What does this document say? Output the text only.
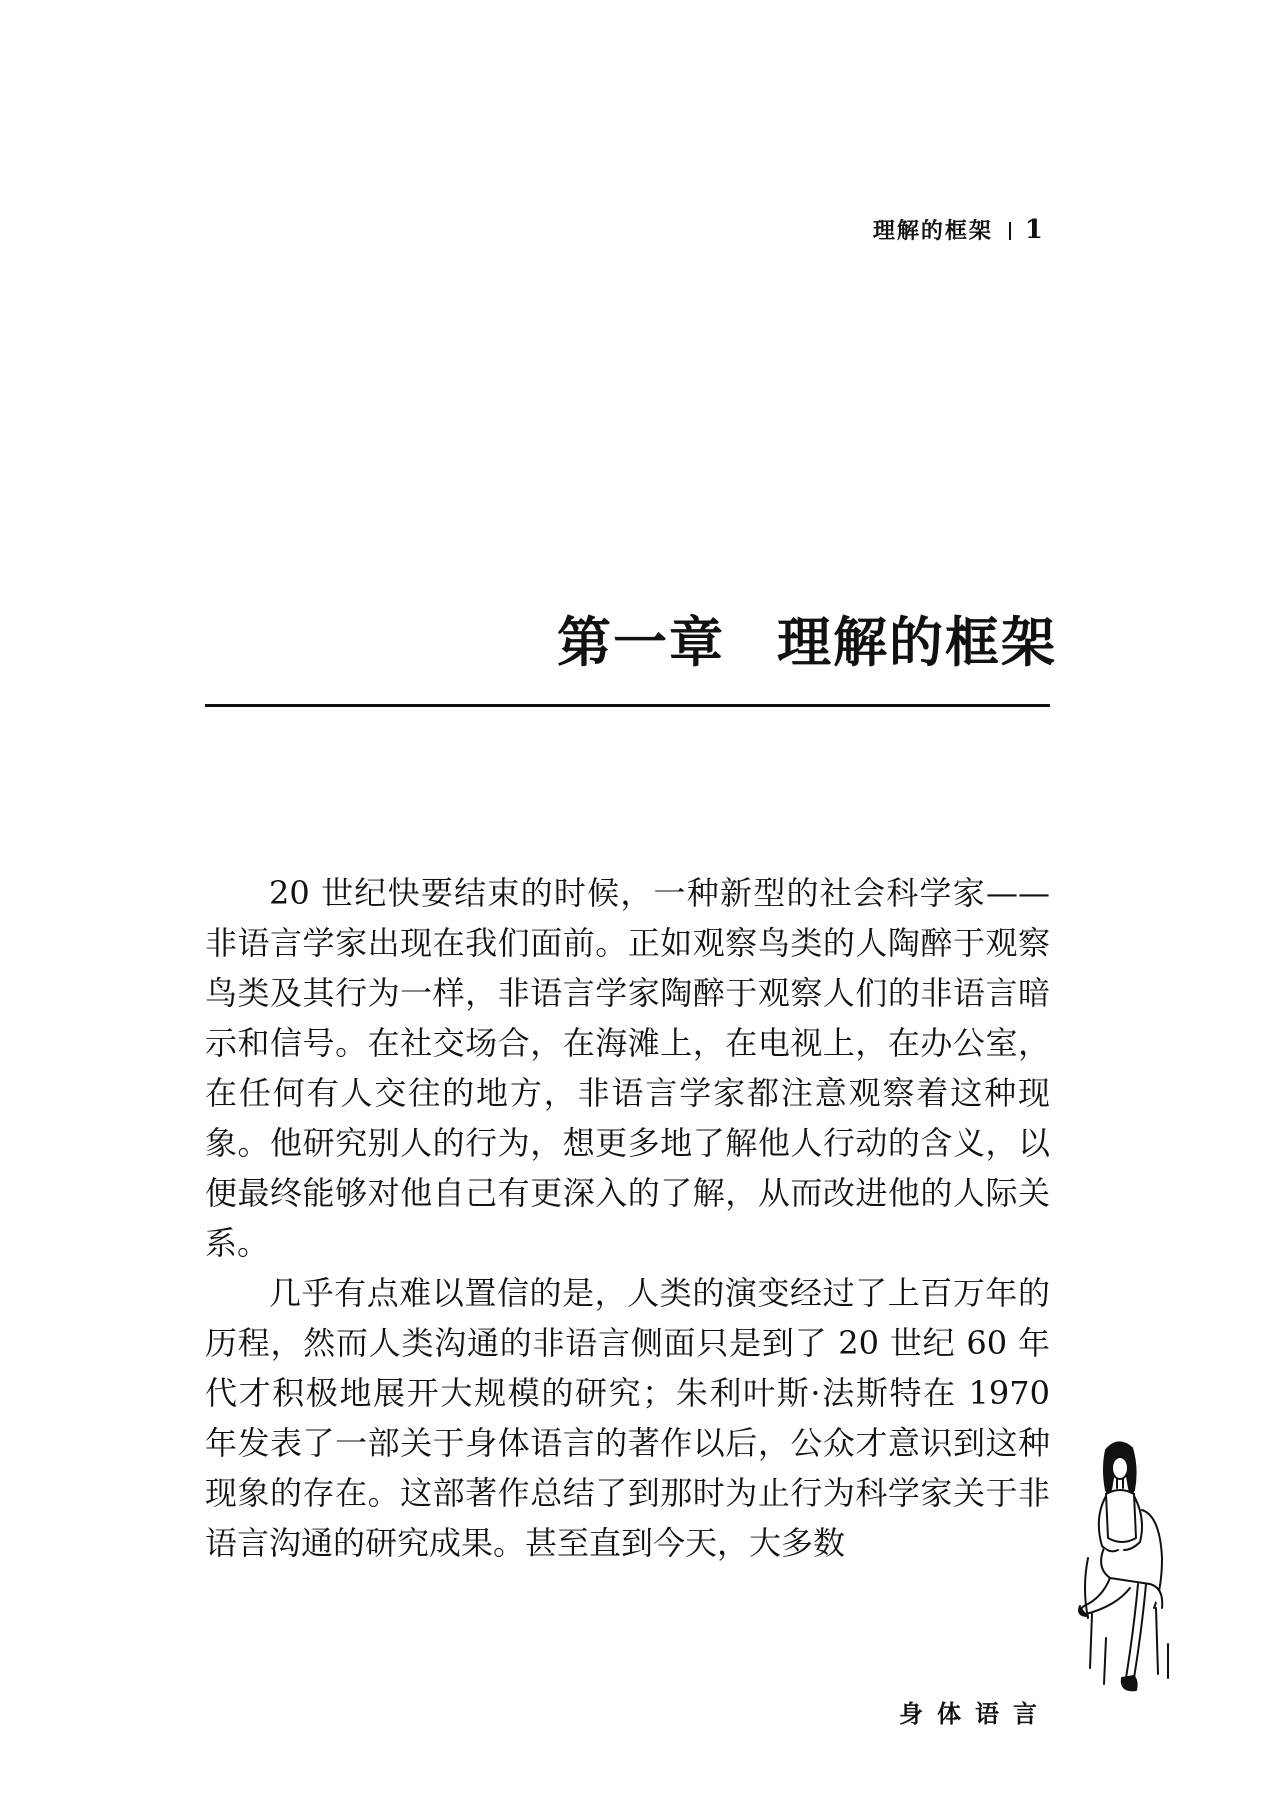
理解的框架 1
第一章 理解的框架

20 世纪快要结束的时候，一种新型的社会科学家——非语言学家出现在我们面前。正如观察鸟类的人陶醉于观察鸟类及其行为一样，非语言学家陶醉于观察人们的非语言暗示和信号。在社交场合，在海滩上，在电视上，在办公室，在任何有人交往的地方，非语言学家都注意观察着这种现象。他研究别人的行为，想更多地了解他人行动的含义，以便最终能够对他自己有更深入的了解，从而改进他的人际关系。

几乎有点难以置信的是，人类的演变经过了上百万年的历程，然而人类沟通的非语言侧面只是到了 20 世纪 60 年代才积极地展开大规模的研究；朱利叶斯·法斯特在 1970 年发表了一部关于身体语言的著作以后，公众才意识到这种现象的存在。这部著作总结了到那时为止行为科学家关于非语言沟通的研究成果。甚至直到今天，大多数

身体语言
